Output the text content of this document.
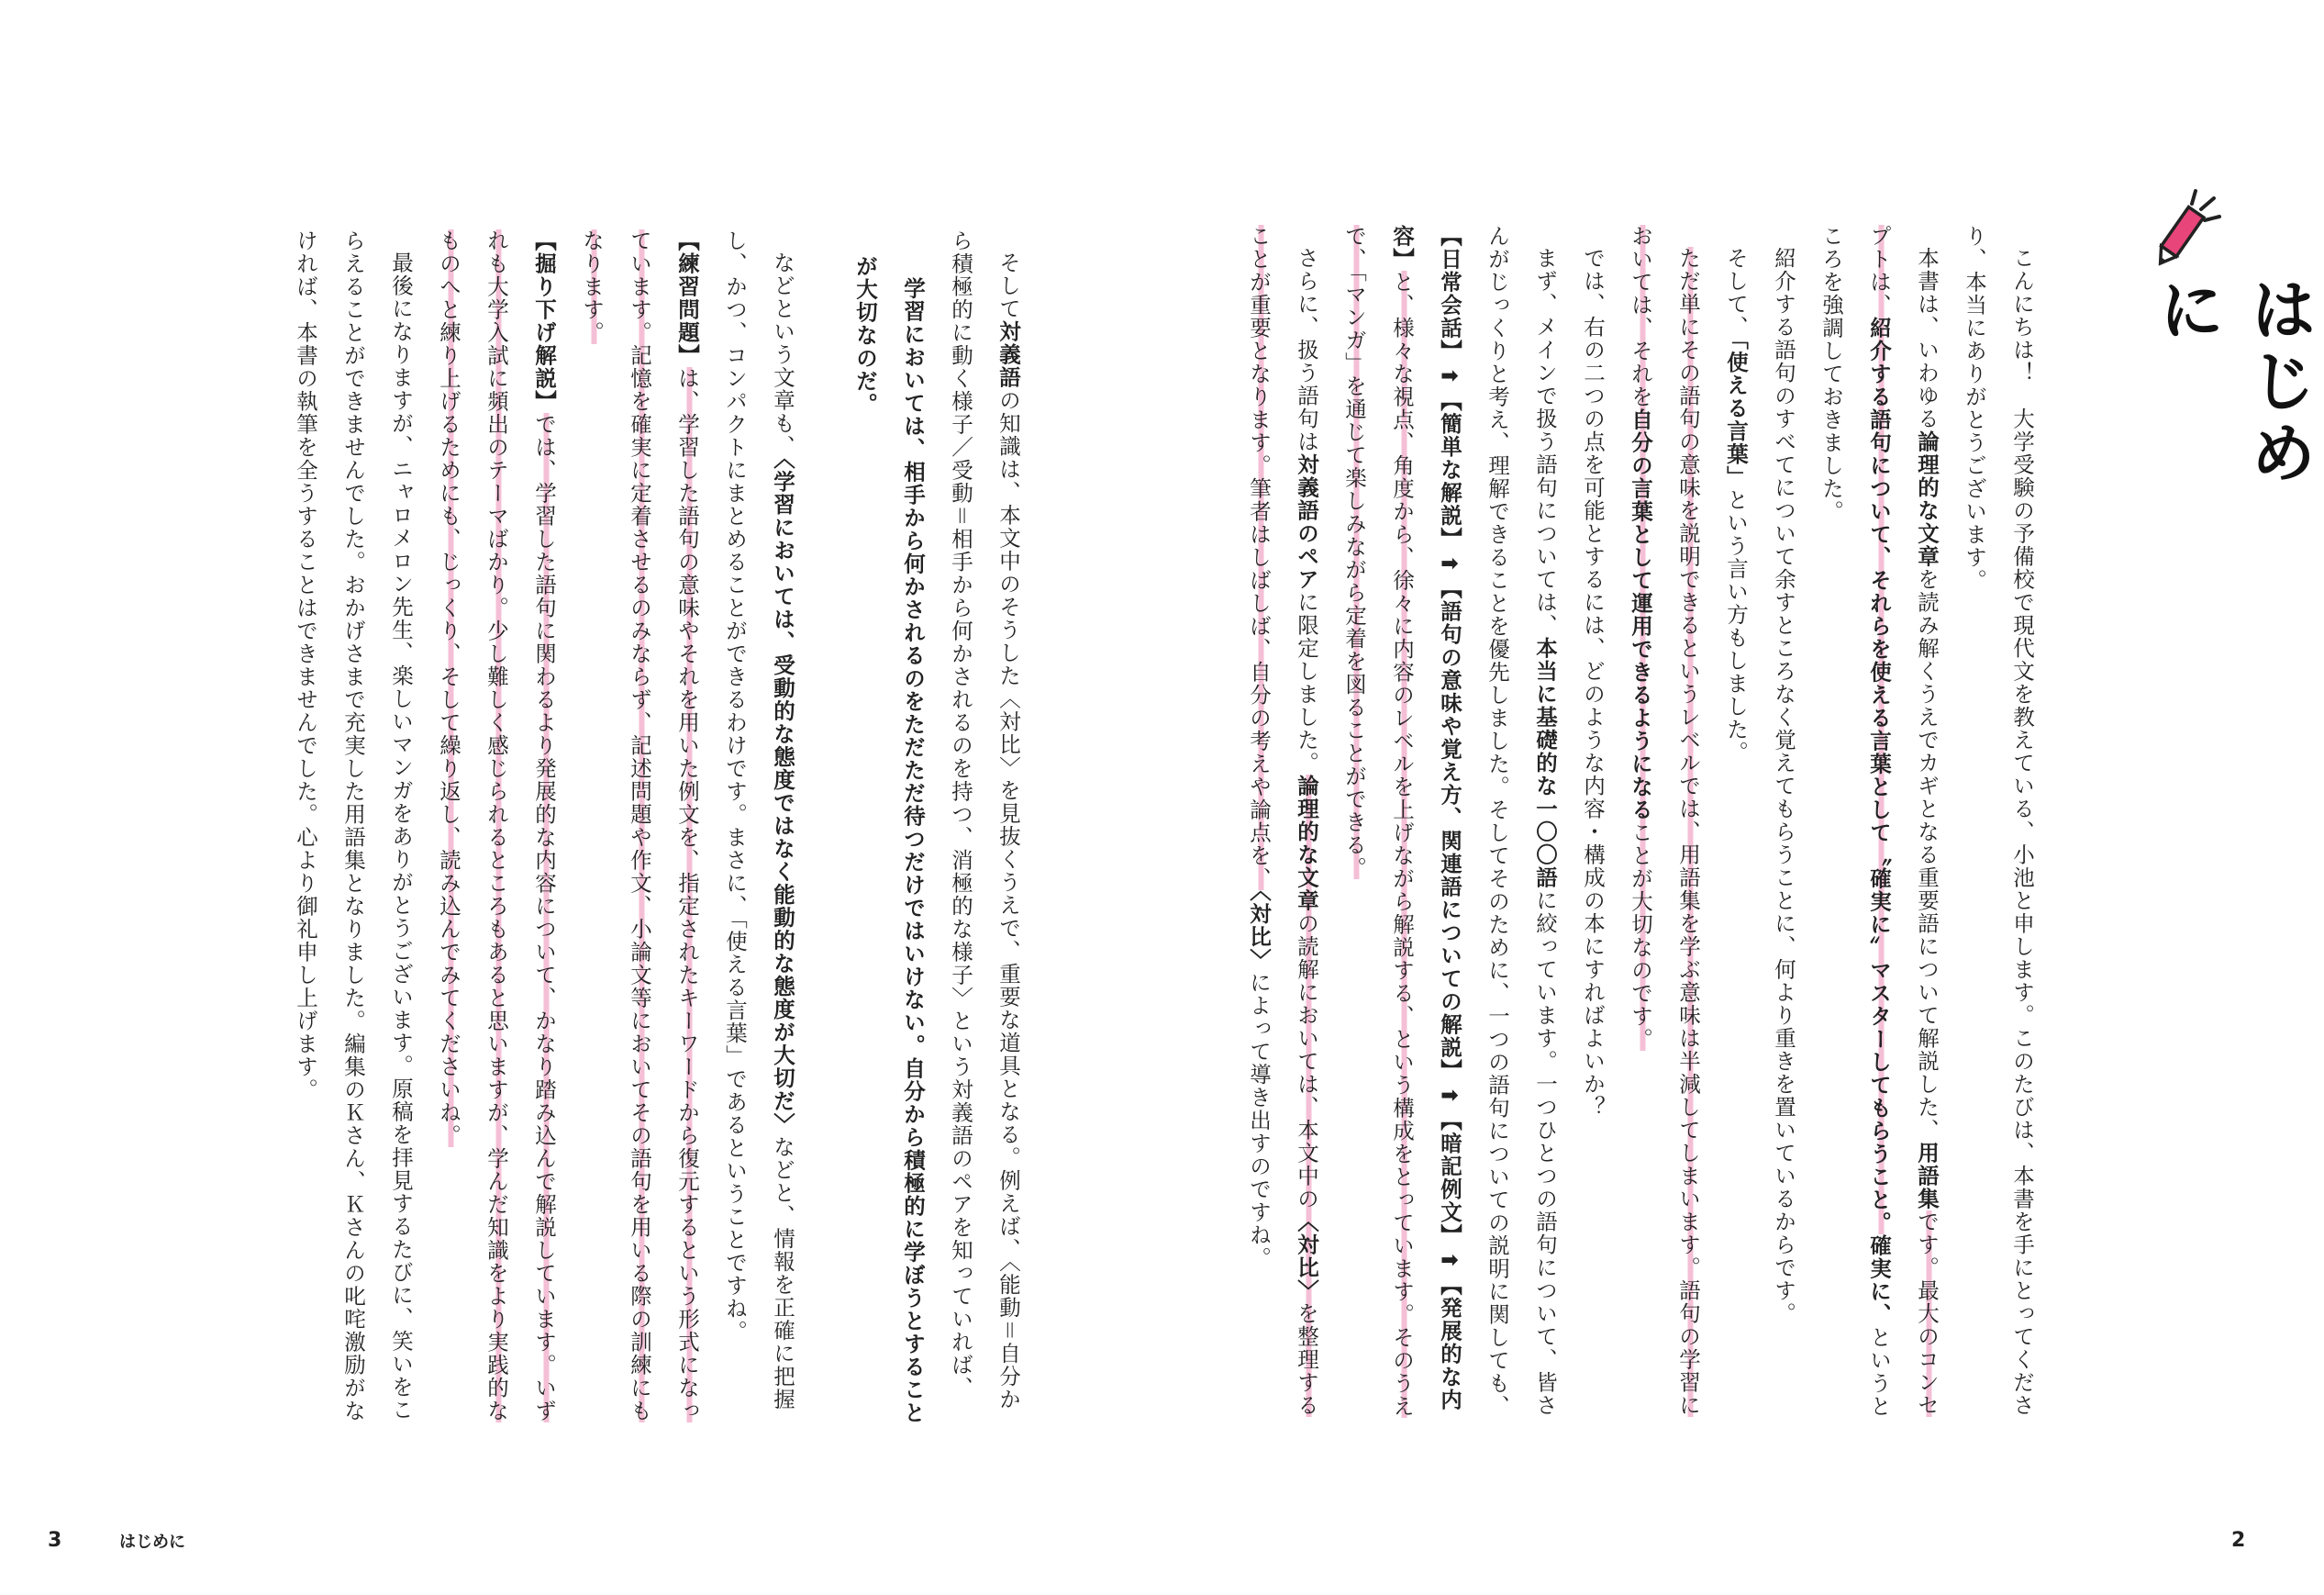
はじめに

こんにちは！　大学受験の予備校で現代文を教えている、小池と申します。このたびは、本書を手にとってくださり、本当にありがとうございます。

本書は、いわゆる論理的な文章を読み解くうえでカギとなる重要語について解説した、用語集です。最大のコンセプトは、紹介する語句について、それらを使える言葉として〝確実に〟マスターしてもらうこと。確実に、というところを強調しておきました。

紹介する語句のすべてについて余すところなく覚えてもらうことに、何より重きを置いているからです。

そして、「使える言葉」という言い方もしました。

ただ単にその語句の意味を説明できるというレベルでは、用語集を学ぶ意味は半減してしまいます。語句の学習においては、それを自分の言葉として運用できるようになることが大切なのです。

では、右の二つの点を可能とするには、どのような内容・構成の本にすればよいか？

まず、メインで扱う語句については、本当に基礎的な一〇〇語に絞っています。一つひとつの語句について、皆さんがじっくりと考え、理解できることを優先しました。そしてそのために、一つの語句についての説明に関しても、【日常会話】➡【簡単な解説】➡【語句の意味や覚え方、関連語についての解説】➡【暗記例文】➡【発展的な内容】と、様々な視点、角度から、徐々に内容のレベルを上げながら解説する、という構成をとっています。そのうえで、「マンガ」を通じて楽しみながら定着を図ることができる。

さらに、扱う語句は対義語のペアに限定しました。論理的な文章の読解においては、本文中の〈対比〉を整理することが重要となります。筆者はしばしば、自分の考えや論点を、〈対比〉によって導き出すのですね。

そして対義語の知識は、本文中のそうした〈対比〉を見抜くうえで、重要な道具となる。例えば、〈能動＝自分から積極的に動く様子／受動＝相手から何かされるのを持つ、消極的な様子〉という対義語のペアを知っていれば、

学習においては、相手から何かされるのをただただ待つだけではいけない。自分から積極的に学ぼうとすることが大切なのだ。

などという文章も、〈学習においては、受動的な態度ではなく能動的な態度が大切だ〉などと、情報を正確に把握し、かつ、コンパクトにまとめることができるわけです。まさに、「使える言葉」であるということですね。

【練習問題】は、学習した語句の意味やそれを用いた例文を、指定されたキーワードから復元するという形式になっています。記憶を確実に定着させるのみならず、記述問題や作文、小論文等においてその語句を用いる際の訓練にもなります。

【掘り下げ解説】では、学習した語句に関わるより発展的な内容について、かなり踏み込んで解説しています。いずれも大学入試に頻出のテーマばかり。少し難しく感じられるところもあると思いますが、学んだ知識をより実践的なものへと練り上げるためにも、じっくり、そして繰り返し、読み込んでみてくださいね。

最後になりますが、ニャロメロン先生、楽しいマンガをありがとうございます。原稿を拝見するたびに、笑いをこらえることができませんでした。おかげさまで充実した用語集となりました。編集のＫさん、Ｋさんの叱咤激励がなければ、本書の執筆を全うすることはできませんでした。心より御礼申し上げます。

3	はじめに	2
